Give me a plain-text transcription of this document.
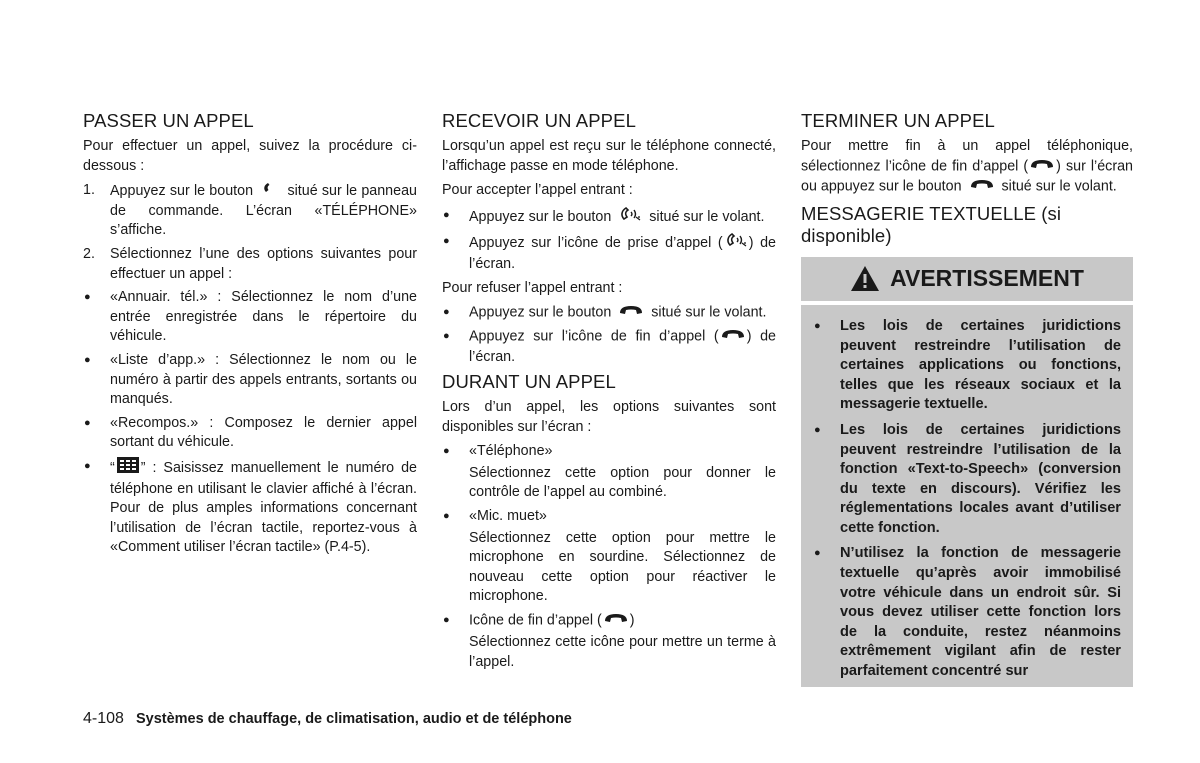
PASSER UN APPEL

Pour effectuer un appel, suivez la procédure ci-dessous :

1. Appuyez sur le bouton situé sur le panneau de commande. L’écran «TÉLÉPHONE» s’affiche.
2. Sélectionnez l’une des options suivantes pour effectuer un appel :
● «Annuair. tél.» : Sélectionnez le nom d’une entrée enregistrée dans le répertoire du véhicule.
● «Liste d’app.» : Sélectionnez le nom ou le numéro à partir des appels entrants, sortants ou manqués.
● «Recompos.» : Composez le dernier appel sortant du véhicule.
● “ ” : Saisissez manuellement le numéro de téléphone en utilisant le clavier affiché à l’écran. Pour de plus amples informations concernant l’utilisation de l’écran tactile, reportez-vous à «Comment utiliser l’écran tactile» (P.4-5).
RECEVOIR UN APPEL

Lorsqu’un appel est reçu sur le téléphone connecté, l’affichage passe en mode téléphone.

Pour accepter l’appel entrant :

● Appuyez sur le bouton	situé sur le volant.
● Appuyez sur l’icône de prise d’appel ( ) de l’écran.

Pour refuser l’appel entrant :

● Appuyez sur le bouton	situé sur le volant.
● Appuyez sur l’icône de fin d’appel ( ) de l’écran.
DURANT UN APPEL

Lors d’un appel, les options suivantes sont disponibles sur l’écran :

● «Téléphone»
Sélectionnez cette option pour donner le contrôle de l’appel au combiné.
● «Mic. muet»
Sélectionnez cette option pour mettre le microphone en sourdine. Sélectionnez de nouveau cette option pour réactiver le microphone.
● Icône de fin d’appel ( )
Sélectionnez cette icône pour mettre un terme à l’appel.
TERMINER UN APPEL

Pour mettre fin à un appel téléphonique, sélectionnez l’icône de fin d’appel ( ) sur l’écran ou appuyez sur le bouton	situé sur le volant.

MESSAGERIE TEXTUELLE (si disponible)
AVERTISSEMENT
● Les lois de certaines juridictions peuvent restreindre l’utilisation de certaines applications ou fonctions, telles que les réseaux sociaux et la messagerie textuelle.
● Les lois de certaines juridictions peuvent restreindre l’utilisation de la fonction «Text-to-Speech» (conversion du texte en discours). Vérifiez les réglementations locales avant d’utiliser cette fonction.
● N’utilisez la fonction de messagerie textuelle qu’après avoir immobilisé votre véhicule dans un endroit sûr. Si vous devez utiliser cette fonction lors de la conduite, restez néanmoins extrêmement vigilant afin de rester parfaitement concentré sur
4-108 Systèmes de chauffage, de climatisation, audio et de téléphone
